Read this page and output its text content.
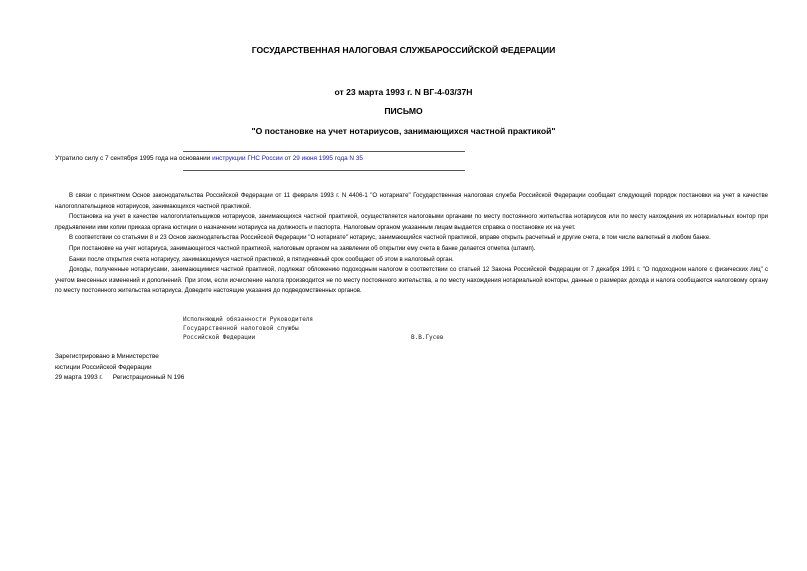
ГОСУДАРСТВЕННАЯ НАЛОГОВАЯ СЛУЖБАРОССИЙСКОЙ ФЕДЕРАЦИИ
от 23 марта 1993 г. N ВГ-4-03/37Н
ПИСЬМО
"О постановке на учет нотариусов, занимающихся частной практикой"
Утратило силу с 7 сентября 1995 года на основании инструкции ГНС России от 29 июня 1995 года N 35

В связи с принятием Основ законодательства Российской Федерации от 11 февраля 1993 г. N 4406-1 "О нотариате" Государственная налоговая служба Российской Федерации сообщает следующий порядок постановки на учет в качестве налогоплательщиков нотариусов, занимающихся частной практикой.

Постановка на учет в качестве налогоплательщиков нотариусов, занимающихся частной практикой, осуществляется налоговыми органами по месту постоянного жительства нотариусов или по месту нахождения их нотариальных контор при предъявлении ими копии приказа органа юстиции о назначении нотариуса на должность и паспорта. Налоговым органом указанным лицам выдается справка о постановке их на учет.

В соответствии со статьями 8 и 23 Основ законодательства Российской Федерации "О нотариате" нотариус, занимающийся частной практикой, вправе открыть расчетный и другие счета, в том числе валютный в любом банке.

При постановке на учет нотариуса, занимающегося частной практикой, налоговым органом на заявлении об открытии ему счета в банке делается отметка (штамп).

Банки после открытия счета нотариусу, занимающемуся частной практикой, в пятидневный срок сообщают об этом в налоговый орган.

Доходы, полученные нотариусами, занимающимися частной практикой, подлежат обложению подоходным налогом в соответствии со статьей 12 Закона Российской Федерации от 7 декабря 1991 г. "О подоходном налоге с физических лиц" с учетом внесенных изменений и дополнений. При этом, если исчисление налога производится не по месту постоянного жительства, а по месту нахождения нотариальной конторы, данные о размерах дохода и налога сообщаются налоговому органу по месту постоянного жительства нотариуса. Доведите настоящие указания до подведомственных органов.

Исполняющий обязанности Руководителя
Государственной налоговой службы
Российской Федерации	В.В.Гусев
Зарегистрировано в Министерстве
юстиции Российской Федерации
29 марта 1993 г. Регистрационный N 196
